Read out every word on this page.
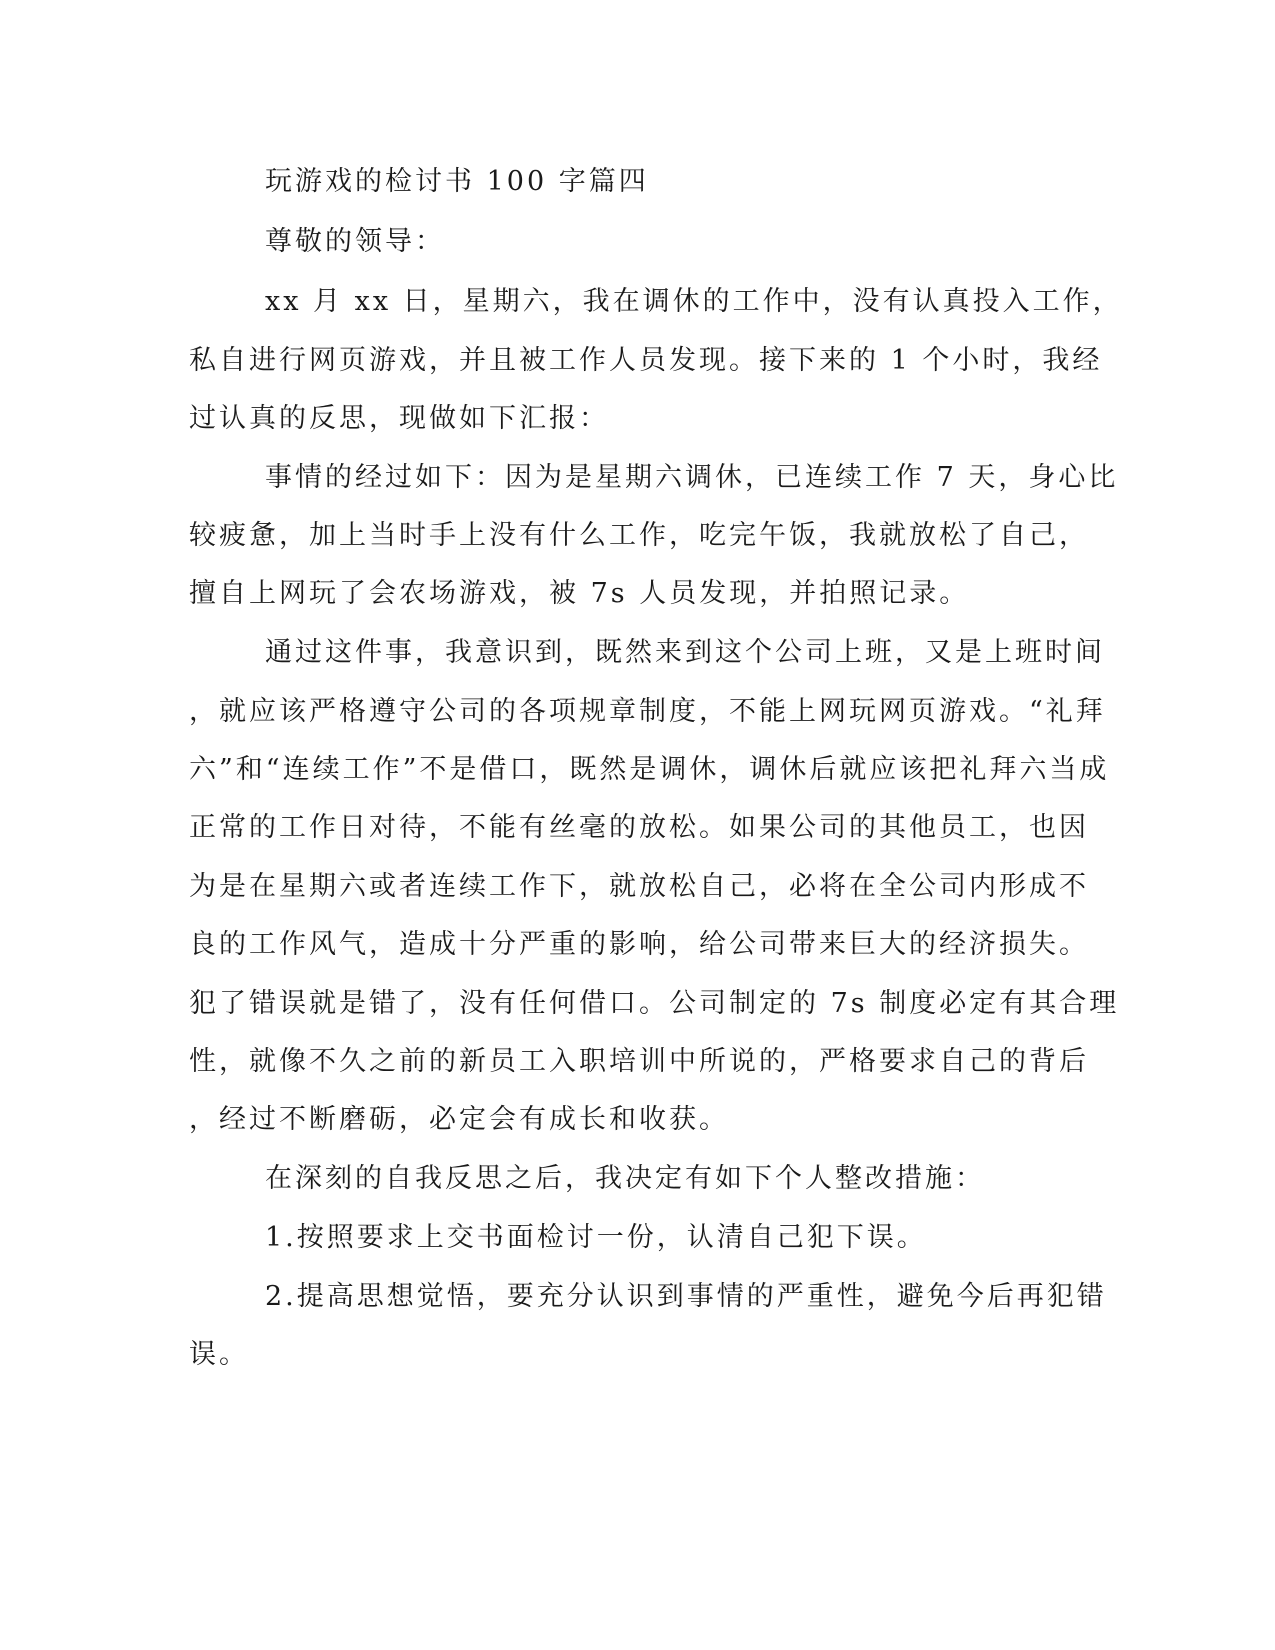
玩游戏的检讨书 100 字篇四
尊敬的领导：
xx 月 xx 日，星期六，我在调休的工作中，没有认真投入工作，
私自进行网页游戏，并且被工作人员发现。接下来的 1 个小时，我经
过认真的反思，现做如下汇报：
事情的经过如下：因为是星期六调休，已连续工作 7 天，身心比
较疲惫，加上当时手上没有什么工作，吃完午饭，我就放松了自己，
擅自上网玩了会农场游戏，被 7s 人员发现，并拍照记录。
通过这件事，我意识到，既然来到这个公司上班，又是上班时间
，就应该严格遵守公司的各项规章制度，不能上网玩网页游戏。“礼拜
六”和“连续工作”不是借口，既然是调休，调休后就应该把礼拜六当成
正常的工作日对待，不能有丝毫的放松。如果公司的其他员工，也因
为是在星期六或者连续工作下，就放松自己，必将在全公司内形成不
良的工作风气，造成十分严重的影响，给公司带来巨大的经济损失。
犯了错误就是错了，没有任何借口。公司制定的 7s 制度必定有其合理
性，就像不久之前的新员工入职培训中所说的，严格要求自己的背后
，经过不断磨砺，必定会有成长和收获。
在深刻的自我反思之后，我决定有如下个人整改措施：
1.按照要求上交书面检讨一份，认清自己犯下误。
2.提高思想觉悟，要充分认识到事情的严重性，避免今后再犯错
误。
